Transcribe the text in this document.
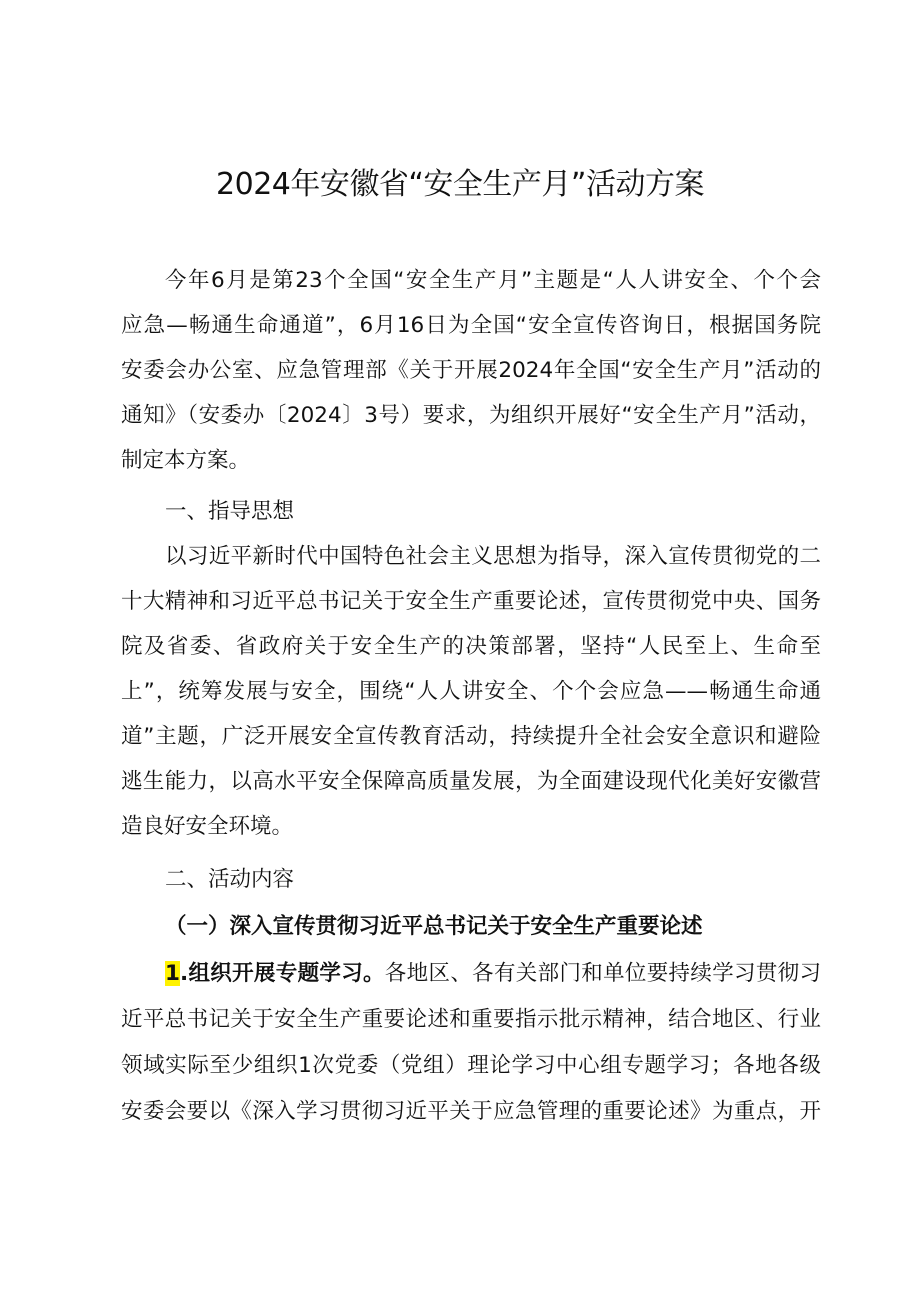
2024年安徽省“安全生产月”活动方案
今年6月是第23个全国“安全生产月”主题是“人人讲安全、个个会
应急—畅通生命通道”，6月16日为全国“安全宣传咨询日，根据国务院
安委会办公室、应急管理部《关于开展2024年全国“安全生产月”活动的
通知》（安委办〔2024〕3号）要求，为组织开展好“安全生产月”活动，
制定本方案。
一、指导思想
以习近平新时代中国特色社会主义思想为指导，深入宣传贯彻党的二
十大精神和习近平总书记关于安全生产重要论述，宣传贯彻党中央、国务
院及省委、省政府关于安全生产的决策部署，坚持“人民至上、生命至
上”，统筹发展与安全，围绕“人人讲安全、个个会应急——畅通生命通
道”主题，广泛开展安全宣传教育活动，持续提升全社会安全意识和避险
逃生能力，以高水平安全保障高质量发展，为全面建设现代化美好安徽营
造良好安全环境。
二、活动内容
（一）深入宣传贯彻习近平总书记关于安全生产重要论述
1.组织开展专题学习。各地区、各有关部门和单位要持续学习贯彻习
近平总书记关于安全生产重要论述和重要指示批示精神，结合地区、行业
领域实际至少组织1次党委（党组）理论学习中心组专题学习；各地各级
安委会要以《深入学习贯彻习近平关于应急管理的重要论述》为重点，开
